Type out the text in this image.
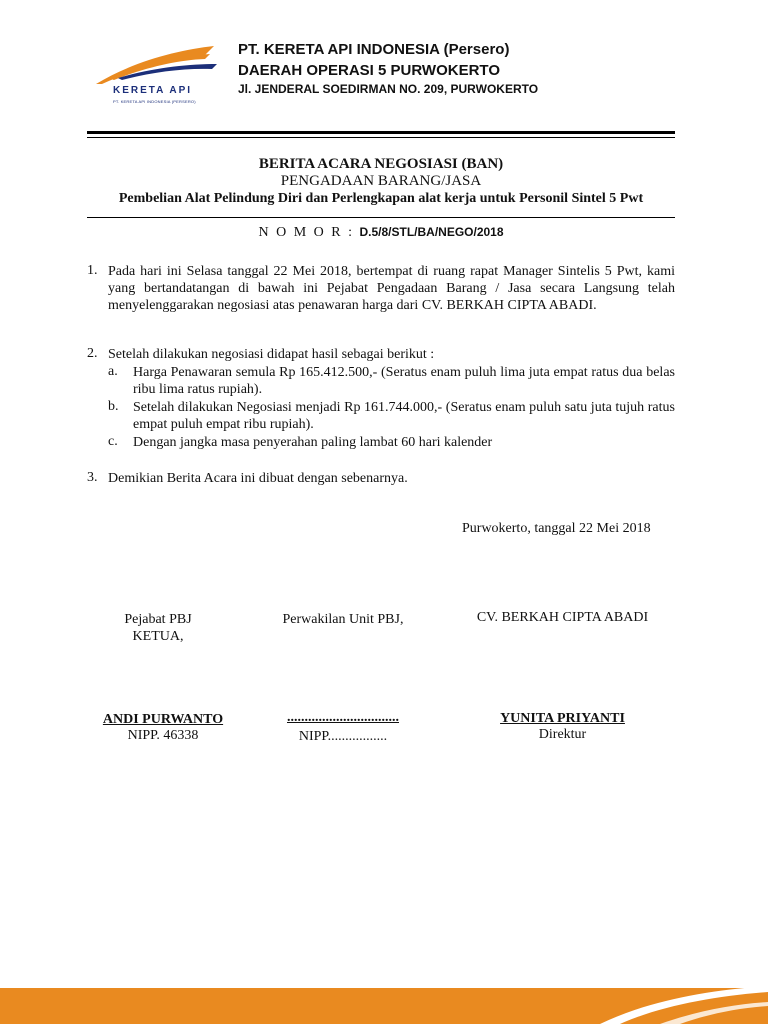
KERETA API
PT. KERETA API INDONESIA (PERSERO)
PT. KERETA API INDONESIA (Persero)
DAERAH OPERASI 5 PURWOKERTO
Jl. JENDERAL SOEDIRMAN NO. 209, PURWOKERTO
BERITA ACARA NEGOSIASI (BAN)
PENGADAAN BARANG/JASA
Pembelian Alat Pelindung Diri dan Perlengkapan alat kerja untuk Personil Sintel 5 Pwt
N O M O R : D.5/8/STL/BA/NEGO/2018
1. Pada hari ini Selasa tanggal 22 Mei 2018, bertempat di ruang rapat Manager Sintelis 5 Pwt, kami yang bertandatangan di bawah ini Pejabat Pengadaan Barang / Jasa secara Langsung telah menyelenggarakan negosiasi atas penawaran harga dari CV. BERKAH CIPTA ABADI.
2. Setelah dilakukan negosiasi didapat hasil sebagai berikut :
a. Harga Penawaran semula Rp 165.412.500,- (Seratus enam puluh lima juta empat ratus dua belas ribu lima ratus rupiah).
b. Setelah dilakukan Negosiasi menjadi Rp 161.744.000,- (Seratus enam puluh satu juta tujuh ratus empat puluh empat ribu rupiah).
c. Dengan jangka masa penyerahan paling lambat 60 hari kalender
3. Demikian Berita Acara ini dibuat dengan sebenarnya.
Purwokerto, tanggal 22 Mei 2018
Pejabat PBJ
KETUA,
ANDI PURWANTO
NIPP. 46338
Perwakilan Unit PBJ,
................................
NIPP.................
CV. BERKAH CIPTA ABADI
YUNITA PRIYANTI
Direktur
